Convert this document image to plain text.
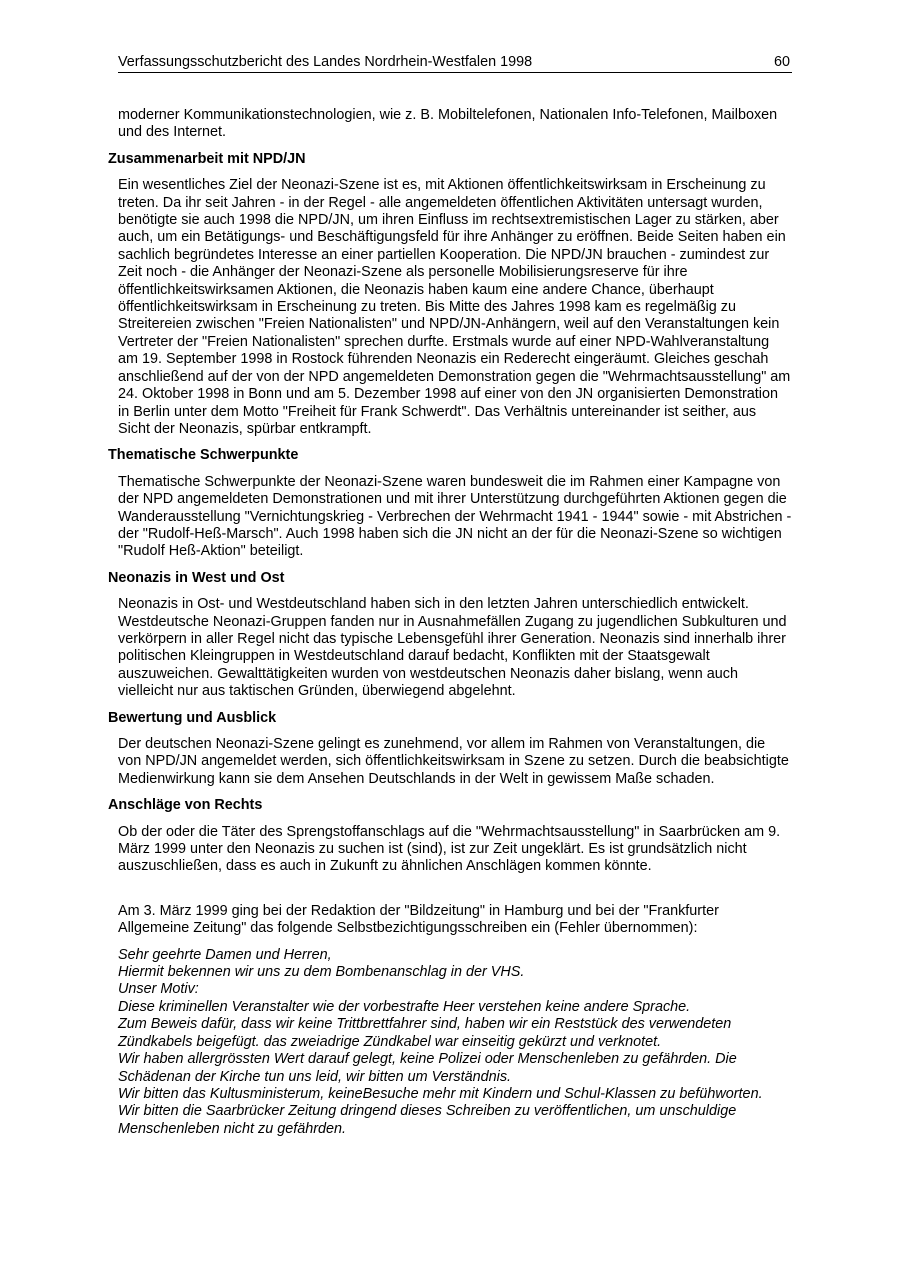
Verfassungsschutzbericht des Landes Nordrhein-Westfalen 1998	60

moderner Kommunikationstechnologien, wie z. B. Mobiltelefonen, Nationalen Info-Telefonen, Mailboxen und des Internet.

Zusammenarbeit mit NPD/JN

Ein wesentliches Ziel der Neonazi-Szene ist es, mit Aktionen öffentlichkeitswirksam in Erscheinung zu treten. Da ihr seit Jahren - in der Regel - alle angemeldeten öffentlichen Aktivitäten untersagt wurden, benötigte sie auch 1998 die NPD/JN, um ihren Einfluss im rechtsextremistischen Lager zu stärken, aber auch, um ein Betätigungs- und Beschäftigungsfeld für ihre Anhänger zu eröffnen. Beide Seiten haben ein sachlich begründetes Interesse an einer partiellen Kooperation. Die NPD/JN brauchen - zumindest zur Zeit noch - die Anhänger der Neonazi-Szene als personelle Mobilisierungsreserve für ihre öffentlichkeitswirksamen Aktionen, die Neonazis haben kaum eine andere Chance, überhaupt öffentlichkeitswirksam in Erscheinung zu treten. Bis Mitte des Jahres 1998 kam es regelmäßig zu Streitereien zwischen "Freien Nationalisten" und NPD/JN-Anhängern, weil auf den Veranstaltungen kein Vertreter der "Freien Nationalisten" sprechen durfte. Erstmals wurde auf einer NPD-Wahlveranstaltung am 19. September 1998 in Rostock führenden Neonazis ein Rederecht eingeräumt. Gleiches geschah anschließend auf der von der NPD angemeldeten Demonstration gegen die "Wehrmachtsausstellung" am 24. Oktober 1998 in Bonn und am 5. Dezember 1998 auf einer von den JN organisierten Demonstration in Berlin unter dem Motto "Freiheit für Frank Schwerdt". Das Verhältnis untereinander ist seither, aus Sicht der Neonazis, spürbar entkrampft.

Thematische Schwerpunkte

Thematische Schwerpunkte der Neonazi-Szene waren bundesweit die im Rahmen einer Kampagne von der NPD angemeldeten Demonstrationen und mit ihrer Unterstützung durchgeführten Aktionen gegen die Wanderausstellung "Vernichtungskrieg - Verbrechen der Wehrmacht 1941 - 1944" sowie - mit Abstrichen - der "Rudolf-Heß-Marsch". Auch 1998 haben sich die JN nicht an der für die Neonazi-Szene so wichtigen "Rudolf Heß-Aktion" beteiligt.

Neonazis in West und Ost

Neonazis in Ost- und Westdeutschland haben sich in den letzten Jahren unterschiedlich entwickelt. Westdeutsche Neonazi-Gruppen fanden nur in Ausnahmefällen Zugang zu jugendlichen Subkulturen und verkörpern in aller Regel nicht das typische Lebensgefühl ihrer Generation. Neonazis sind innerhalb ihrer politischen Kleingruppen in Westdeutschland darauf bedacht, Konflikten mit der Staatsgewalt auszuweichen. Gewalttätigkeiten wurden von westdeutschen Neonazis daher bislang, wenn auch vielleicht nur aus taktischen Gründen, überwiegend abgelehnt.

Bewertung und Ausblick

Der deutschen Neonazi-Szene gelingt es zunehmend, vor allem im Rahmen von Veranstaltungen, die von NPD/JN angemeldet werden, sich öffentlichkeitswirksam in Szene zu setzen. Durch die beabsichtigte Medienwirkung kann sie dem Ansehen Deutschlands in der Welt in gewissem Maße schaden.

Anschläge von Rechts

Ob der oder die Täter des Sprengstoffanschlags auf die "Wehrmachtsausstellung" in Saarbrücken am 9. März 1999 unter den Neonazis zu suchen ist (sind), ist zur Zeit ungeklärt. Es ist grundsätzlich nicht auszuschließen, dass es auch in Zukunft zu ähnlichen Anschlägen kommen könnte.

Am 3. März 1999 ging bei der Redaktion der "Bildzeitung" in Hamburg und bei der "Frankfurter Allgemeine Zeitung" das folgende Selbstbezichtigungsschreiben ein (Fehler übernommen):

Sehr geehrte Damen und Herren,
Hiermit bekennen wir uns zu dem Bombenanschlag in der VHS.
Unser Motiv:
Diese kriminellen Veranstalter wie der vorbestrafte Heer verstehen keine andere Sprache.
Zum Beweis dafür, dass wir keine Trittbrettfahrer sind, haben wir ein Reststück des verwendeten Zündkabels beigefügt. das zweiadrige Zündkabel war einseitig gekürzt und verknotet.
Wir haben allergrössten Wert darauf gelegt, keine Polizei oder Menschenleben zu gefährden. Die Schädenan der Kirche tun uns leid, wir bitten um Verständnis.
Wir bitten das Kultusministerum, keineBesuche mehr mit Kindern und Schul-Klassen zu befühworten.
Wir bitten die Saarbrücker Zeitung dringend dieses Schreiben zu veröffentlichen, um unschuldige Menschenleben nicht zu gefährden.
